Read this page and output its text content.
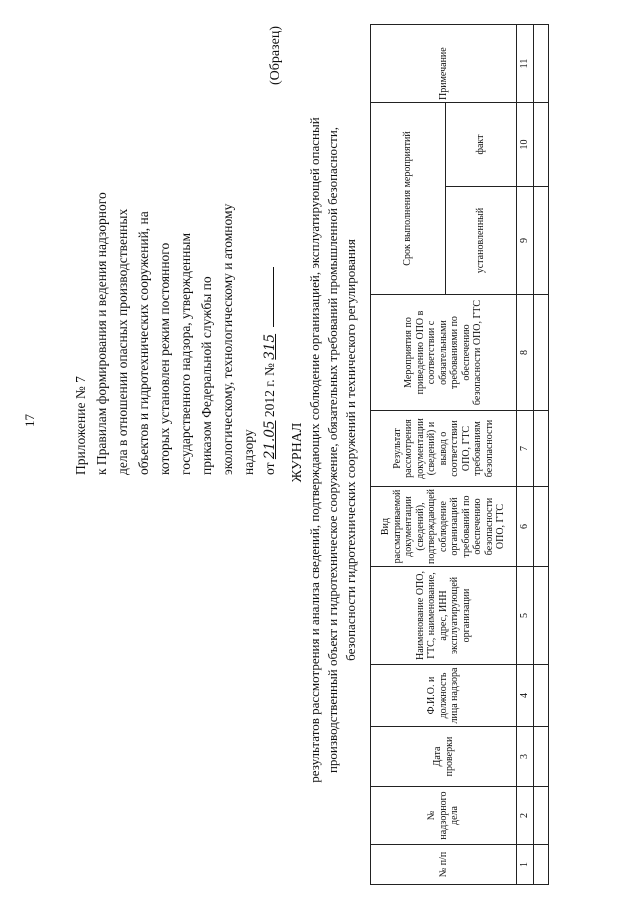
17	Приложение № 7 к Правилам формирования и ведения надзорного дела в отношении опасных производственных объектов и гидротехнических сооружений, на которых установлен режим постоянного государственного надзора, утвержденным приказом Федеральной службы по экологическому, технологическому и атомному надзору от 21.05 2012 г. № 315
(Образец)
ЖУРНАЛ результатов рассмотрения и анализа сведений, подтверждающих соблюдение организацией, эксплуатирующей опасный производственный объект и гидротехническое сооружение, обязательных требований промышленной безопасности, безопасности гидротехнических сооружений и технического регулирования
№ п/п	№ надзорного дела	Дата проверки	Ф.И.О. и должность лица надзора	Наименование ОПО, ГТС, наименование, адрес, ИНН эксплуатирующей организации	Вид рассматриваемой документации (сведений), подтверждающей соблюдение организацией требований по обеспечению безопасности ОПО, ГТС	Результат рассмотрения документации (сведений) и вывод о соответствии ОПО, ГТС требованиям безопасности	Мероприятия по приведению ОПО в соответствии с обязательными требованиями по обеспечению безопасности ОПО, ГТС	Срок выполнения мероприятий		Примечание
								установленный	факт	
1	2	3	4	5	6	7	8	9	10	11
